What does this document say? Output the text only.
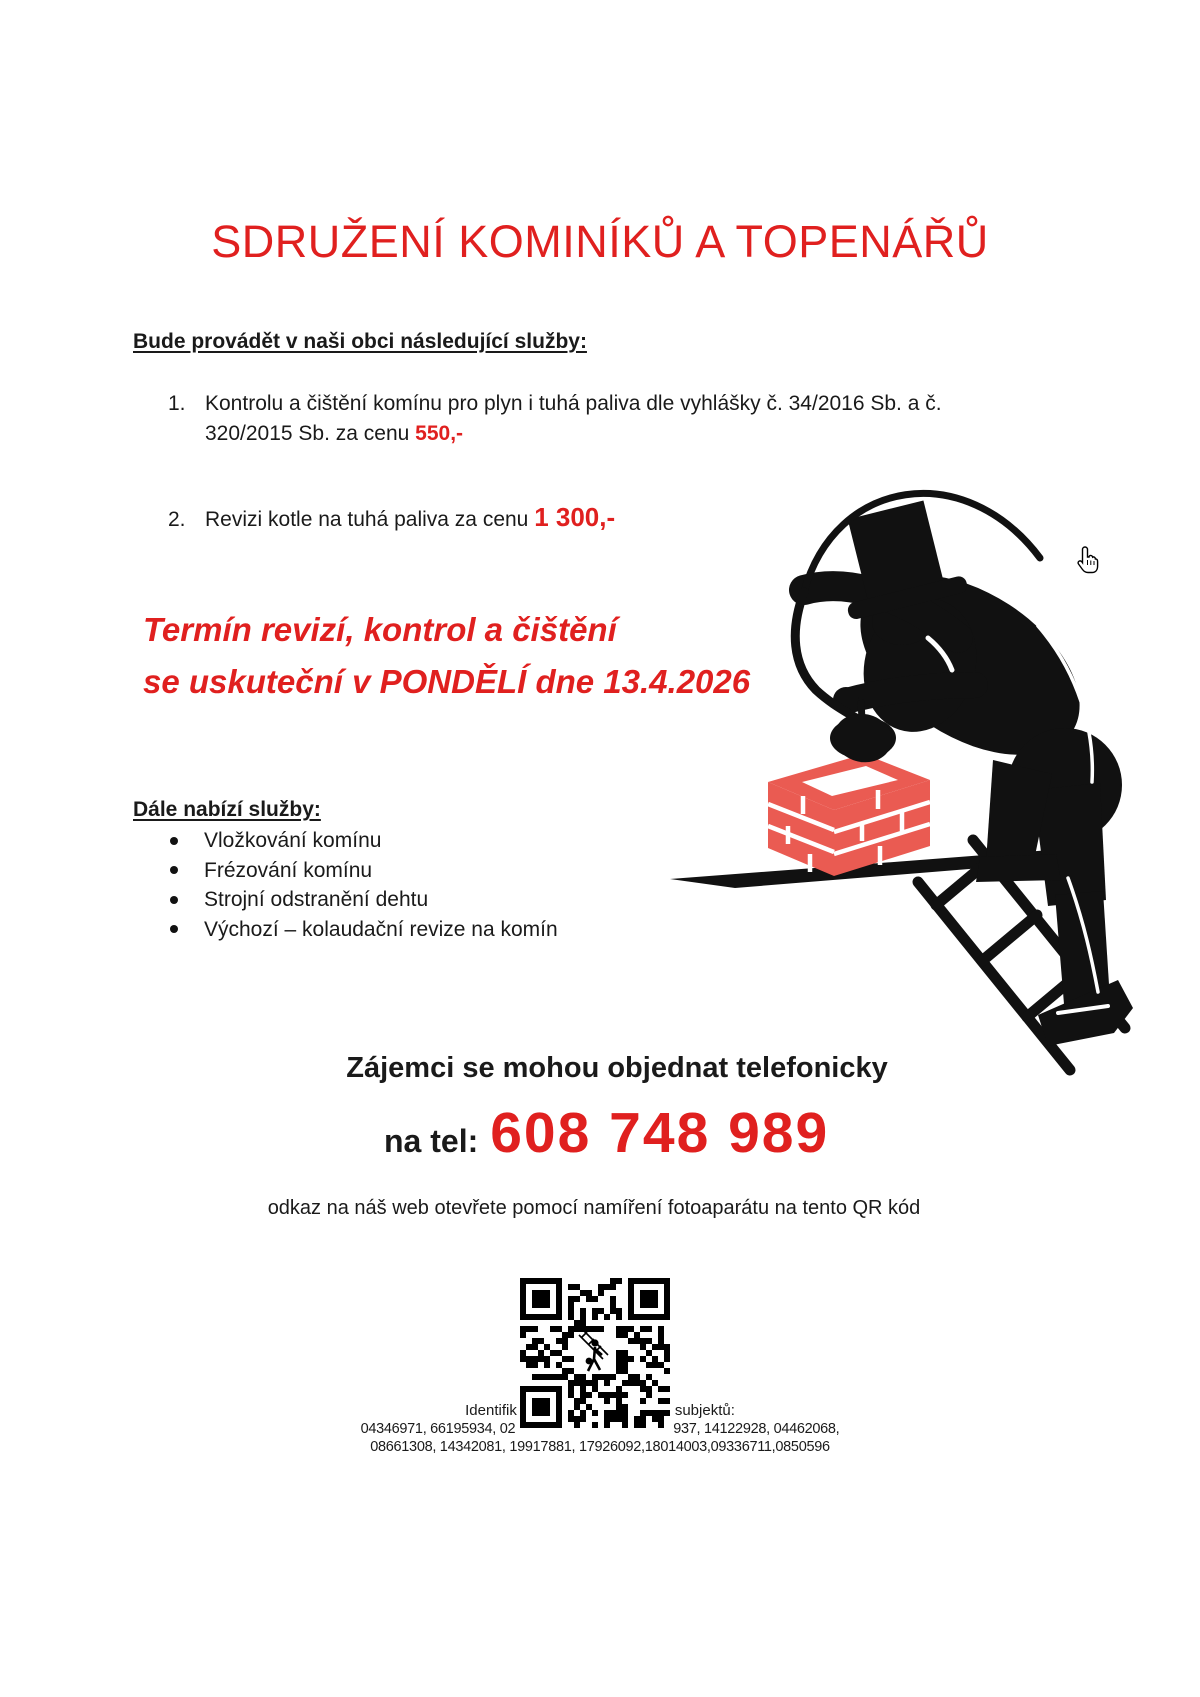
SDRUŽENÍ KOMINÍKŮ A TOPENÁŘŮ
Bude provádět v naši obci následující služby:
1. Kontrolu a čištění komínu pro plyn i tuhá paliva dle vyhlášky č. 34/2016 Sb. a č.
320/2015 Sb. za cenu 550,-
2. Revizi kotle na tuhá paliva za cenu 1 300,-
Termín revizí, kontrol a čištění
se uskuteční v PONDĚLÍ dne 13.4.2026
Dále nabízí služby:
Vložkování komínu
Frézování komínu
Strojní odstranění dehtu
Výchozí – kolaudační revize na komín
Zájemci se mohou objednat telefonicky
na tel: 608 748 989
odkaz na náš web otevřete pomocí namíření fotoaparátu na tento QR kód
Identifik	subjektů:
04346971, 66195934, 02	937, 14122928, 04462068,
08661308, 14342081, 19917881, 17926092,18014003,09336711,0850596
